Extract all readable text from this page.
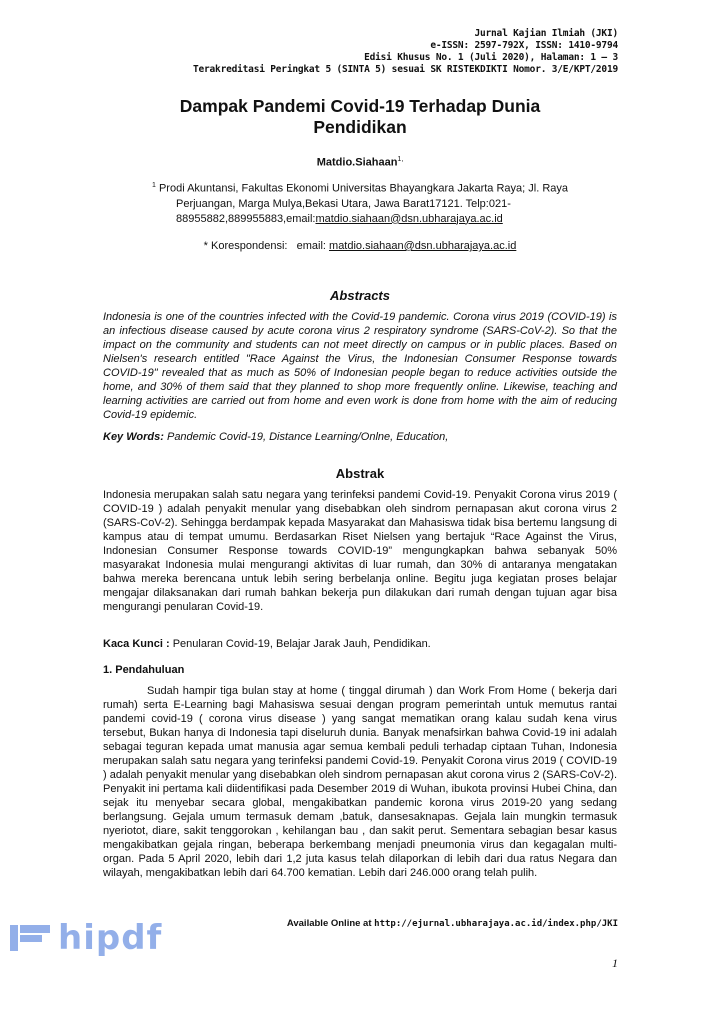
Jurnal Kajian Ilmiah (JKI)
e-ISSN: 2597-792X, ISSN: 1410-9794
Edisi Khusus No. 1 (Juli 2020), Halaman: 1 – 3
Terakreditasi Peringkat 5 (SINTA 5) sesuai SK RISTEKDIKTI Nomor. 3/E/KPT/2019
Dampak Pandemi Covid-19 Terhadap Dunia Pendidikan
Matdio.Siahaan$^{1,}$
$^1$ Prodi Akuntansi, Fakultas Ekonomi Universitas Bhayangkara Jakarta Raya; Jl. Raya
Perjuangan, Marga Mulya,Bekasi Utara, Jawa Barat17121. Telp:021-
88955882,889955883,email:matdio.siahaan@dsn.ubharajaya.ac.id
* Korespondensi:   email: matdio.siahaan@dsn.ubharajaya.ac.id
Abstracts
Indonesia is one of the countries infected with the Covid-19 pandemic. Corona virus 2019 (COVID-19) is an infectious disease caused by acute corona virus 2 respiratory syndrome (SARS-CoV-2). So that the impact on the community and students can not meet directly on campus or in public places. Based on Nielsen's research entitled "Race Against the Virus, the Indonesian Consumer Response towards COVID-19" revealed that as much as 50% of Indonesian people began to reduce activities outside the home, and 30% of them said that they planned to shop more frequently online. Likewise, teaching and learning activities are carried out from home and even work is done from home with the aim of reducing Covid-19 epidemic.
Key Words: Pandemic Covid-19, Distance Learning/Onlne, Education,
Abstrak
Indonesia merupakan salah satu negara yang terinfeksi pandemi Covid-19. Penyakit Corona virus 2019 ( COVID-19 ) adalah penyakit menular yang disebabkan oleh sindrom pernapasan akut corona virus 2 (SARS-CoV-2). Sehingga berdampak kepada Masyarakat dan Mahasiswa tidak bisa bertemu langsung di kampus atau di tempat umumu. Berdasarkan Riset Nielsen yang bertajuk “Race Against the Virus, Indonesian Consumer Response towards COVID-19” mengungkapkan bahwa sebanyak 50% masyarakat Indonesia mulai mengurangi aktivitas di luar rumah, dan 30% di antaranya mengatakan bahwa mereka berencana untuk lebih sering berbelanja online. Begitu juga kegiatan proses belajar mengajar dilaksanakan dari rumah bahkan bekerja pun dilakukan dari rumah dengan tujuan agar bisa mengurangi penularan Covid-19.
Kaca Kunci : Penularan Covid-19, Belajar Jarak Jauh, Pendidikan.
1. Pendahuluan
Sudah hampir tiga bulan stay at home ( tinggal dirumah ) dan Work From Home ( bekerja dari rumah) serta E-Learning bagi Mahasiswa sesuai dengan program pemerintah untuk memutus rantai pandemi covid-19 ( corona virus disease ) yang sangat mematikan orang kalau sudah kena virus tersebut, Bukan hanya di Indonesia tapi diseluruh dunia. Banyak menafsirkan bahwa Covid-19 ini adalah sebagai teguran kepada umat manusia agar semua kembali peduli terhadap ciptaan Tuhan, Indonesia merupakan salah satu negara yang terinfeksi pandemi Covid-19. Penyakit Corona virus 2019 ( COVID-19 ) adalah penyakit menular yang disebabkan oleh sindrom pernapasan akut corona virus 2 (SARS-CoV-2). Penyakit ini pertama kali diidentifikasi pada Desember 2019 di Wuhan, ibukota provinsi Hubei China, dan sejak itu menyebar secara global, mengakibatkan pandemic korona virus 2019-20 yang sedang berlangsung. Gejala umum termasuk demam ,batuk, dansesaknapas. Gejala lain mungkin termasuk nyeriotot, diare, sakit tenggorokan , kehilangan bau , dan sakit perut. Sementara sebagian besar kasus mengakibatkan gejala ringan, beberapa berkembang menjadi pneumonia virus dan kegagalan multi-organ. Pada 5 April 2020, lebih dari 1,2 juta kasus telah dilaporkan di lebih dari dua ratus Negara dan wilayah, mengakibatkan lebih dari 64.700 kematian. Lebih dari 246.000 orang telah pulih.
Available Online at http://ejurnal.ubharajaya.ac.id/index.php/JKI
hipdf
1
